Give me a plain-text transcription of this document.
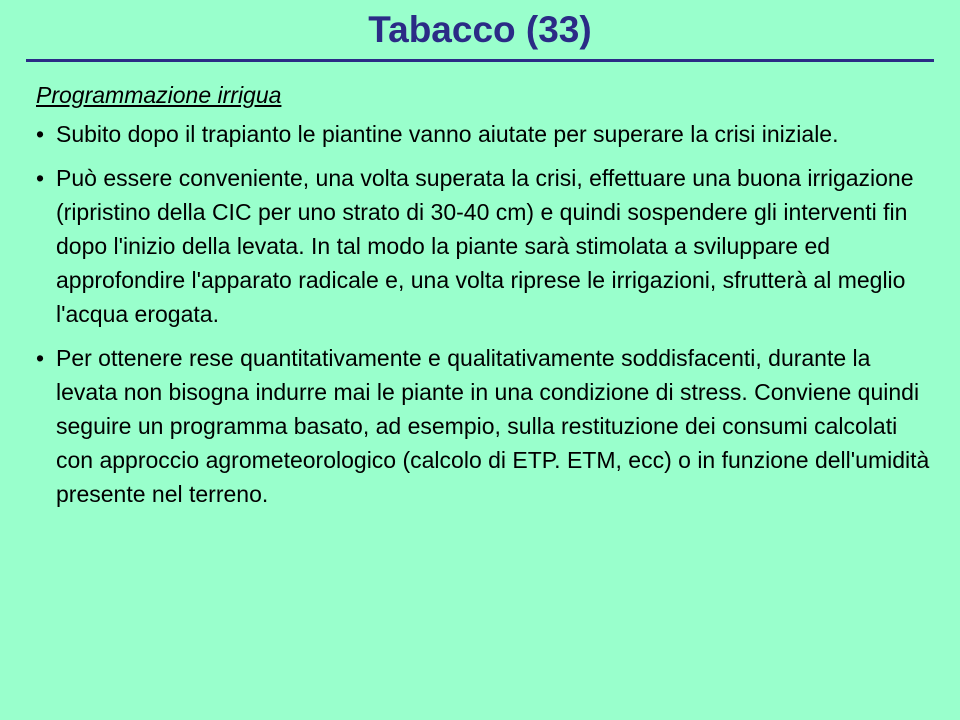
Tabacco (33)
Programmazione irrigua
• Subito dopo il trapianto le piantine vanno aiutate per superare la crisi iniziale.
• Può essere conveniente, una volta superata la crisi, effettuare una buona irrigazione (ripristino della CIC per uno strato di 30-40 cm) e quindi sospendere gli interventi fin dopo l'inizio della levata. In tal modo la piante sarà stimolata a sviluppare ed approfondire l'apparato radicale e, una volta riprese le irrigazioni, sfrutterà al meglio l'acqua erogata.
• Per ottenere rese quantitativamente e qualitativamente soddisfacenti, durante la levata non bisogna indurre mai le piante in una condizione di stress. Conviene quindi seguire un programma basato, ad esempio, sulla restituzione dei consumi calcolati con approccio agrometeorologico (calcolo di ETP. ETM, ecc) o in funzione dell'umidità presente nel terreno.
